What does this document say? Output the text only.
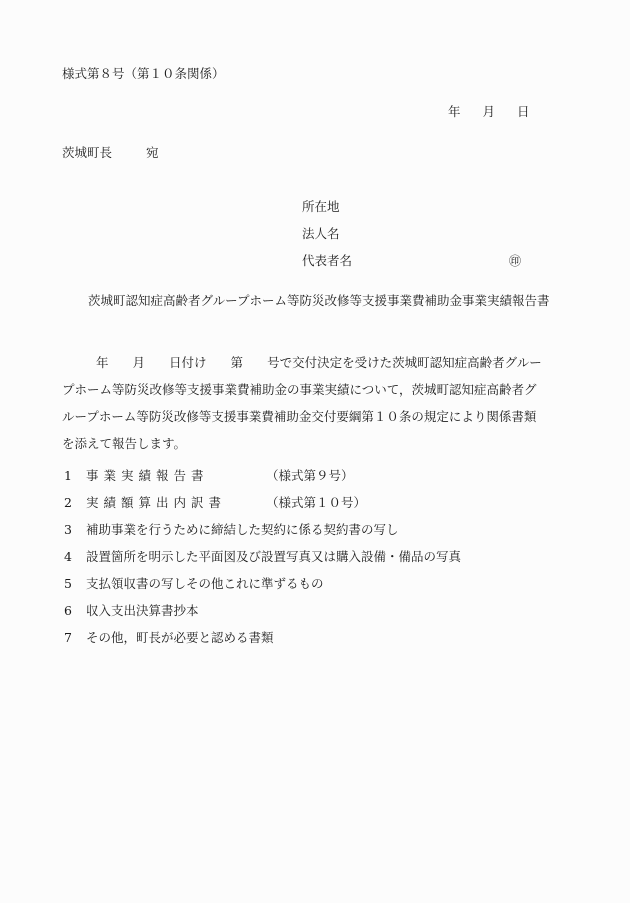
様式第８号（第１０条関係）
年 月 日
茨城町長	宛
所在地
法人名
代表者名	㊞
茨城町認知症高齢者グループホーム等防災改修等支援事業費補助金事業実績報告書
年 月 日付け 第 号で交付決定を受けた茨城町認知症高齢者グループホーム等防災改修等支援事業費補助金の事業実績について，茨城町認知症高齢者グループホーム等防災改修等支援事業費補助金交付要綱第１０条の規定により関係書類を添えて報告します。
1 事業実績報告書	（様式第９号）
2 実績額算出内訳書	（様式第１０号）
3 補助事業を行うために締結した契約に係る契約書の写し
4 設置箇所を明示した平面図及び設置写真又は購入設備・備品の写真
5 支払領収書の写しその他これに準ずるもの
6 収入支出決算書抄本
7 その他，町長が必要と認める書類
